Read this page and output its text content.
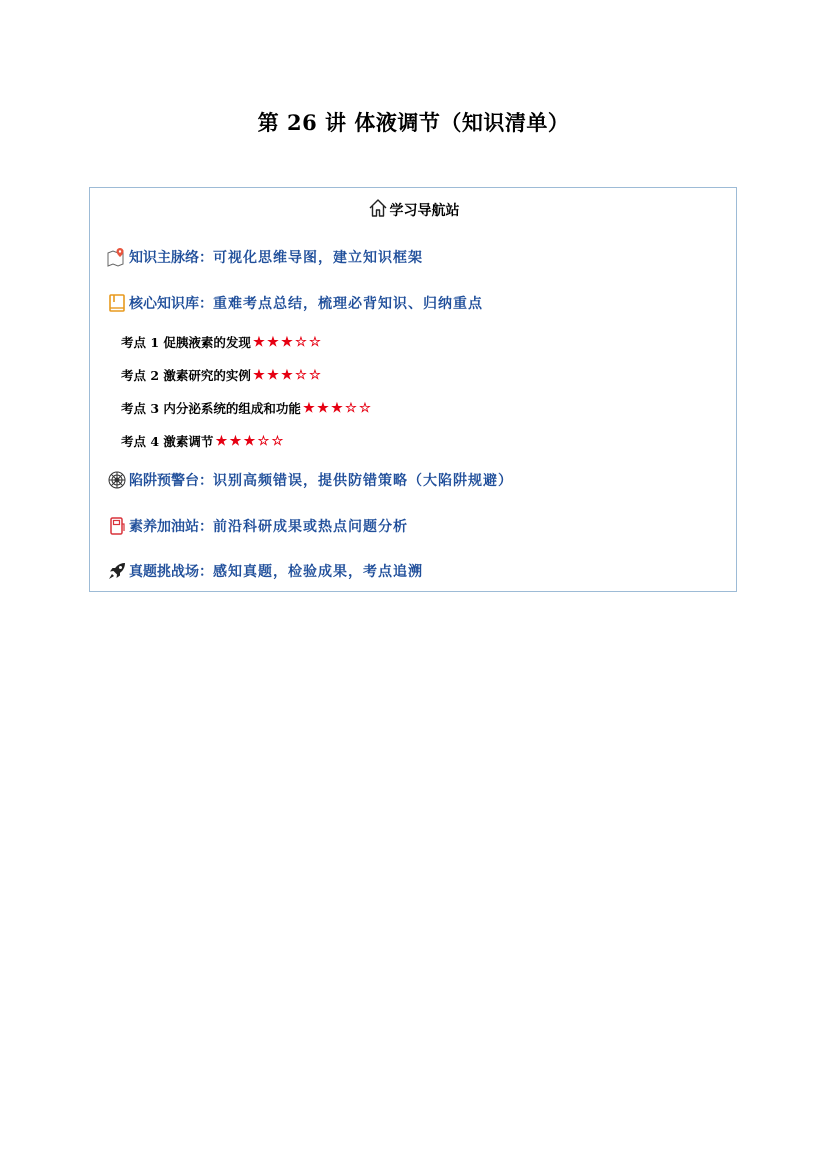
第 26 讲 体液调节（知识清单）
学习导航站
知识主脉络 ： 可视化思维导图，建立知识框架
核心知识库 ： 重难考点总结，梳理必背知识、归纳重点
考点 1 促胰液素的发现 ★ ★ ★ ☆ ☆
考点 2 激素研究的实例 ★ ★ ★ ☆ ☆
考点 3 内分泌系统的组成和功能 ★ ★ ★ ☆ ☆
考点 4 激素调节 ★ ★ ★ ☆ ☆
陷阱预警台 ： 识别高频错误，提供防错策略（大陷阱规避）
素养加油站 ： 前沿科研成果或热点问题分析
真题挑战场 ： 感知真题，检验成果，考点追溯
